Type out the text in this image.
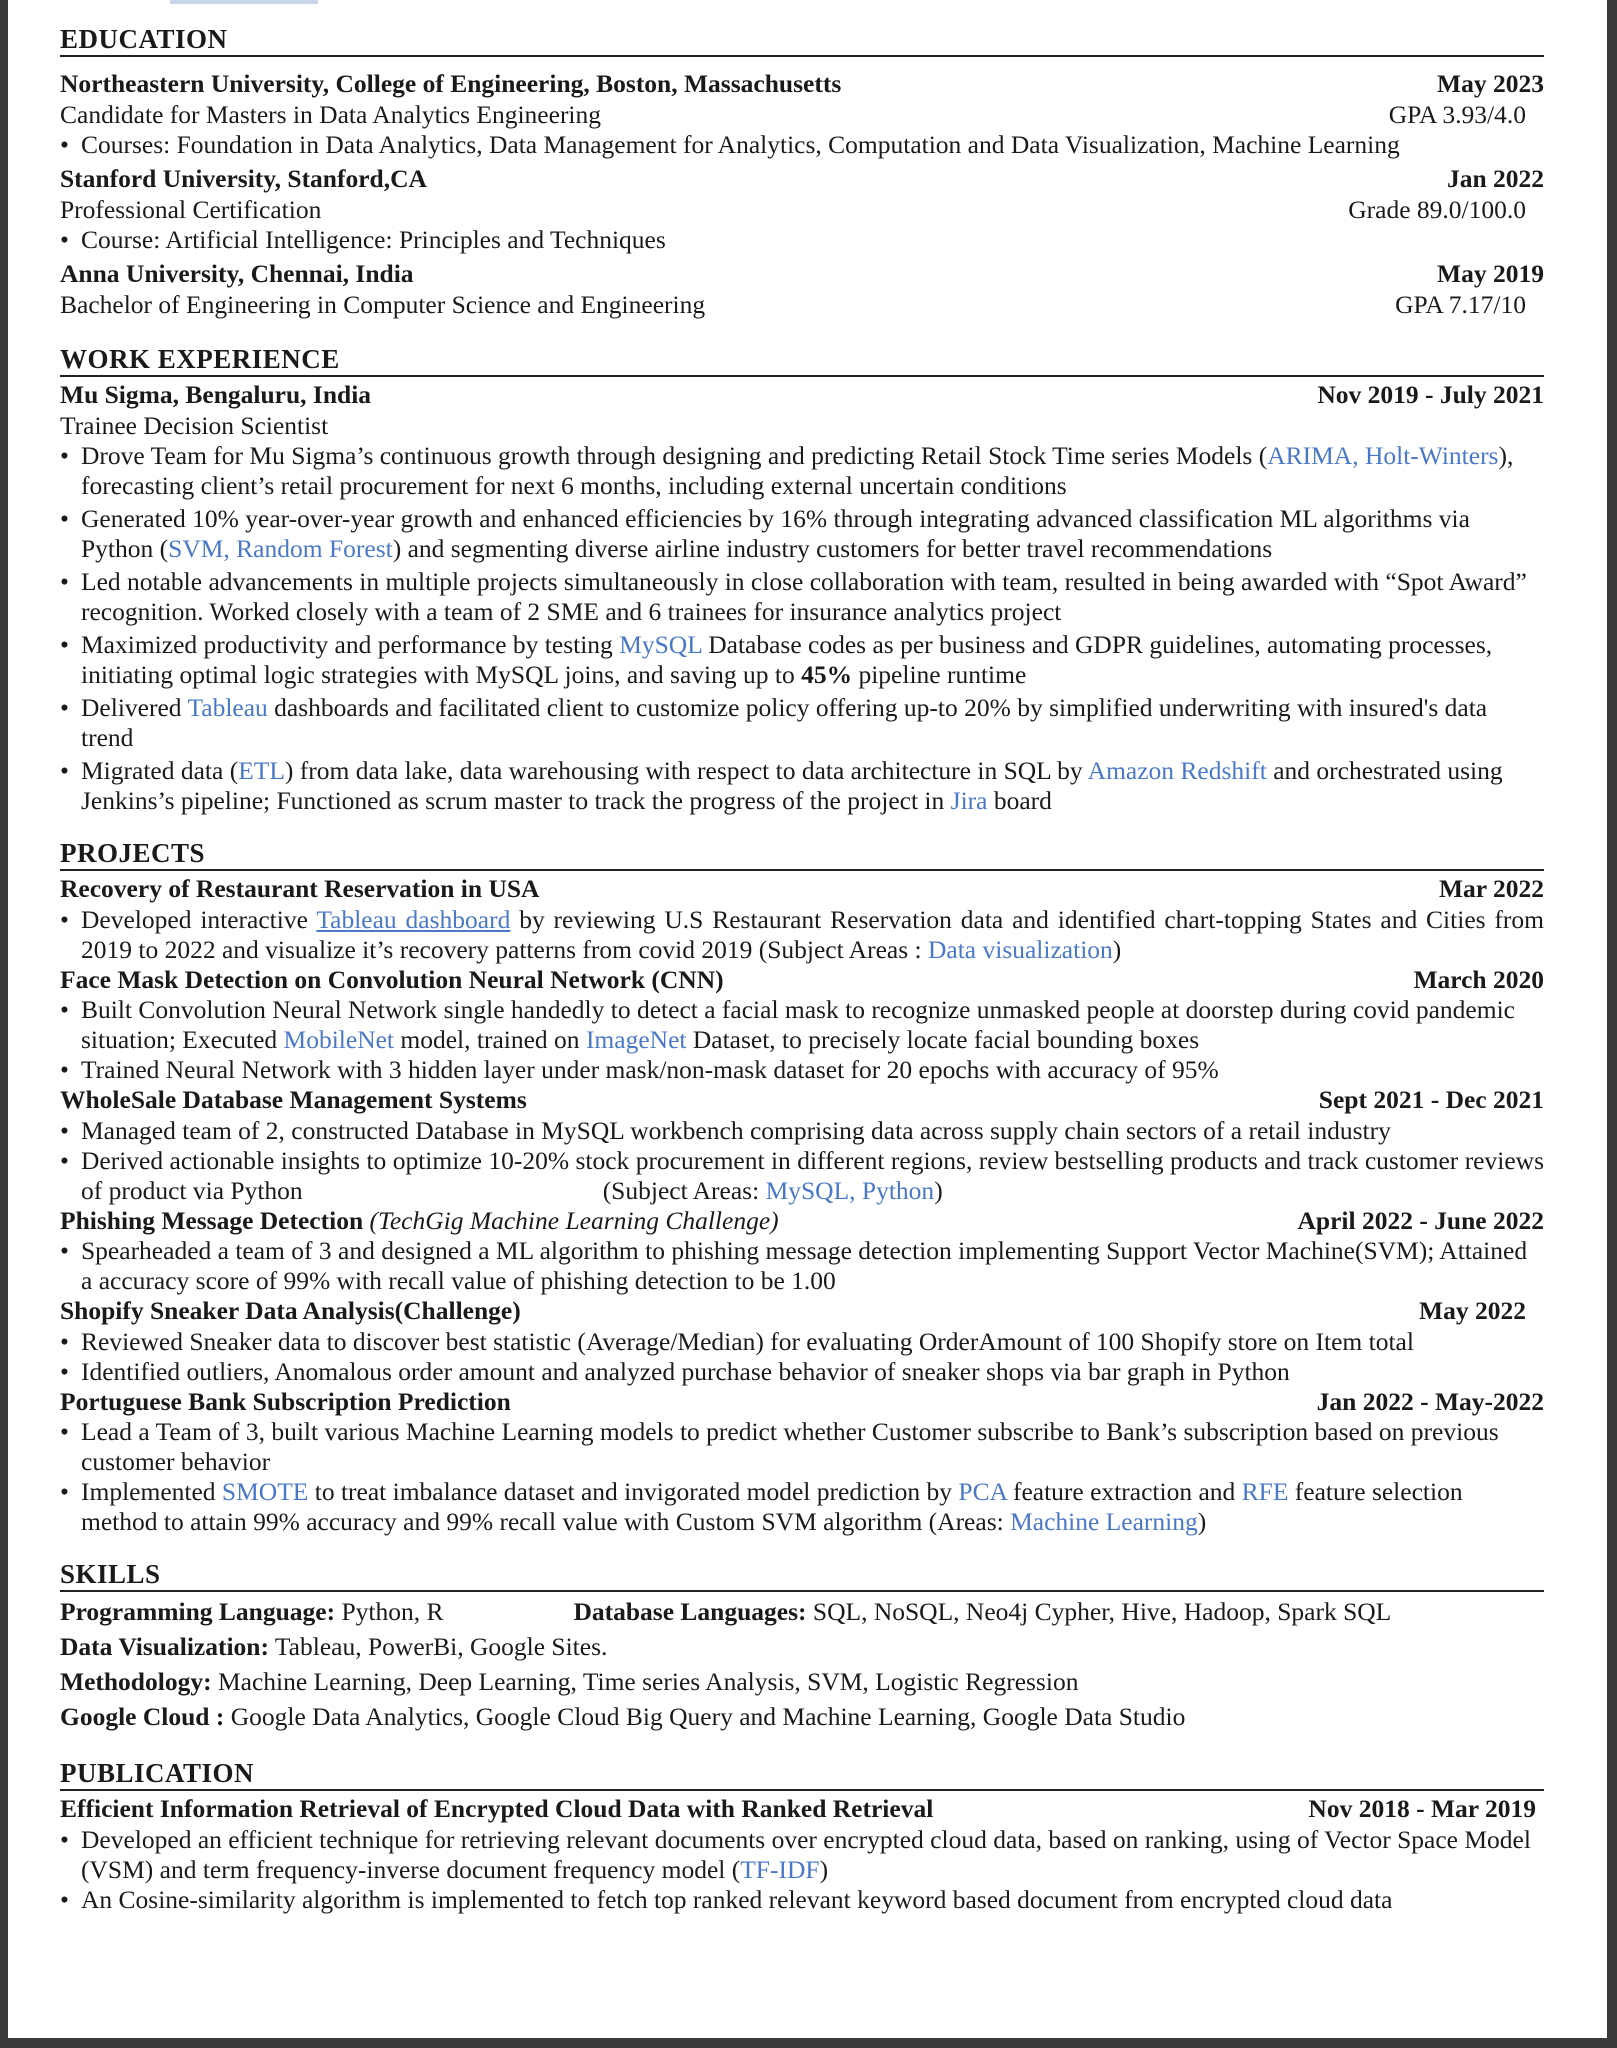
EDUCATION
Northeastern University, College of Engineering, Boston, Massachusetts	May 2023
Candidate for Masters in Data Analytics Engineering	GPA 3.93/4.0
• Courses: Foundation in Data Analytics, Data Management for Analytics, Computation and Data Visualization, Machine Learning
Stanford University, Stanford,CA	Jan 2022
Professional Certification	Grade 89.0/100.0
• Course: Artificial Intelligence: Principles and Techniques
Anna University, Chennai, India	May 2019
Bachelor of Engineering in Computer Science and Engineering	GPA 7.17/10
WORK EXPERIENCE
Mu Sigma, Bengaluru, India	Nov 2019 - July 2021
Trainee Decision Scientist
• Drove Team for Mu Sigma’s continuous growth through designing and predicting Retail Stock Time series Models (ARIMA, Holt-Winters), forecasting client’s retail procurement for next 6 months, including external uncertain conditions
• Generated 10% year-over-year growth and enhanced efficiencies by 16% through integrating advanced classification ML algorithms via Python (SVM, Random Forest) and segmenting diverse airline industry customers for better travel recommendations
• Led notable advancements in multiple projects simultaneously in close collaboration with team, resulted in being awarded with “Spot Award” recognition. Worked closely with a team of 2 SME and 6 trainees for insurance analytics project
• Maximized productivity and performance by testing MySQL Database codes as per business and GDPR guidelines, automating processes, initiating optimal logic strategies with MySQL joins, and saving up to 45% pipeline runtime
• Delivered Tableau dashboards and facilitated client to customize policy offering up-to 20% by simplified underwriting with insured's data trend
• Migrated data (ETL) from data lake, data warehousing with respect to data architecture in SQL by Amazon Redshift and orchestrated using Jenkins’s pipeline; Functioned as scrum master to track the progress of the project in Jira board
PROJECTS
Recovery of Restaurant Reservation in USA	Mar 2022
• Developed interactive Tableau dashboard by reviewing U.S Restaurant Reservation data and identified chart-topping States and Cities from 2019 to 2022 and visualize it’s recovery patterns from covid 2019 (Subject Areas : Data visualization)
Face Mask Detection on Convolution Neural Network (CNN)	March 2020
• Built Convolution Neural Network single handedly to detect a facial mask to recognize unmasked people at doorstep during covid pandemic situation; Executed MobileNet model, trained on ImageNet Dataset, to precisely locate facial bounding boxes
• Trained Neural Network with 3 hidden layer under mask/non-mask dataset for 20 epochs with accuracy of 95%
WholeSale Database Management Systems	Sept 2021 - Dec 2021
• Managed team of 2, constructed Database in MySQL workbench comprising data across supply chain sectors of a retail industry
• Derived actionable insights to optimize 10-20% stock procurement in different regions, review bestselling products and track customer reviews of product via Python	(Subject Areas: MySQL, Python)
Phishing Message Detection (TechGig Machine Learning Challenge)	April 2022 - June 2022
• Spearheaded a team of 3 and designed a ML algorithm to phishing message detection implementing Support Vector Machine(SVM); Attained a accuracy score of 99% with recall value of phishing detection to be 1.00
Shopify Sneaker Data Analysis(Challenge)	May 2022
• Reviewed Sneaker data to discover best statistic (Average/Median) for evaluating OrderAmount of 100 Shopify store on Item total
• Identified outliers, Anomalous order amount and analyzed purchase behavior of sneaker shops via bar graph in Python
Portuguese Bank Subscription Prediction	Jan 2022 - May-2022
• Lead a Team of 3, built various Machine Learning models to predict whether Customer subscribe to Bank’s subscription based on previous customer behavior
• Implemented SMOTE to treat imbalance dataset and invigorated model prediction by PCA feature extraction and RFE feature selection method to attain 99% accuracy and 99% recall value with Custom SVM algorithm (Areas: Machine Learning)
SKILLS
Programming Language: Python, R	Database Languages: SQL, NoSQL, Neo4j Cypher, Hive, Hadoop, Spark SQL
Data Visualization: Tableau, PowerBi, Google Sites.
Methodology: Machine Learning, Deep Learning, Time series Analysis, SVM, Logistic Regression
Google Cloud : Google Data Analytics, Google Cloud Big Query and Machine Learning, Google Data Studio
PUBLICATION
Efficient Information Retrieval of Encrypted Cloud Data with Ranked Retrieval	Nov 2018 - Mar 2019
• Developed an efficient technique for retrieving relevant documents over encrypted cloud data, based on ranking, using of Vector Space Model (VSM) and term frequency-inverse document frequency model (TF-IDF)
• An Cosine-similarity algorithm is implemented to fetch top ranked relevant keyword based document from encrypted cloud data
